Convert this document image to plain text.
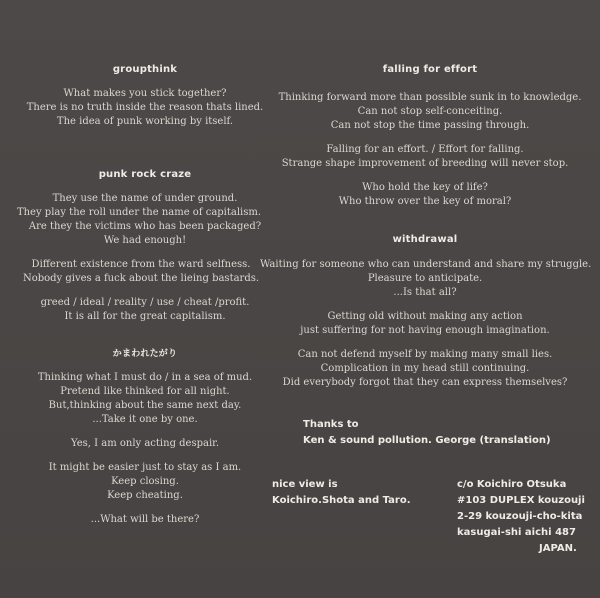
groupthink
What makes you stick together?
There is no truth inside the reason thats lined.
The idea of punk working by itself.
punk rock craze
They use the name of under ground.
They play the roll under the name of capitalism.
Are they the victims who has been packaged?
We had enough!
Different existence from the ward selfness.
Nobody gives a fuck about the lieing bastards.
greed / ideal / reality / use / cheat /profit.
It is all for the great capitalism.
かまわれたがり
Thinking what I must do / in a sea of mud.
Pretend like thinked for all night.
But,thinking about the same next day.
...Take it one by one.
Yes, I am only acting despair.
It might be easier just to stay as I am.
Keep closing.
Keep cheating.
...What will be there?
falling for effort
Thinking forward more than possible sunk in to knowledge.
Can not stop self-conceiting.
Can not stop the time passing through.
Falling for an effort. / Effort for falling.
Strange shape improvement of breeding will never stop.
Who hold the key of life?
Who throw over the key of moral?
withdrawal
Waiting for someone who can understand and share my struggle.
Pleasure to anticipate.
...Is that all?
Getting old without making any action
just suffering for not having enough imagination.
Can not defend myself by making many small lies.
Complication in my head still continuing.
Did everybody forgot that they can express themselves?
Thanks to
Ken & sound pollution. George (translation)
nice view is
Koichiro.Shota and Taro.
c/o Koichiro Otsuka
#103 DUPLEX kouzouji
2-29 kouzouji-cho-kita
kasugai-shi aichi 487
JAPAN.
